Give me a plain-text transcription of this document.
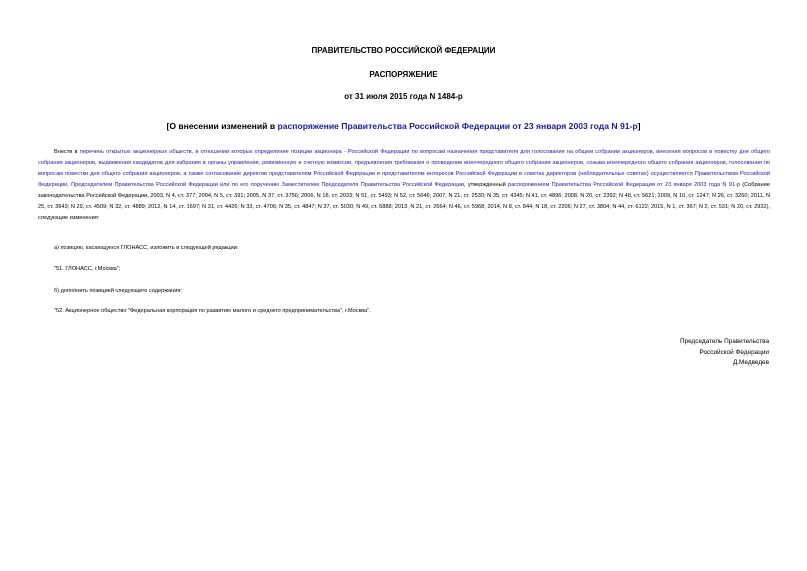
ПРАВИТЕЛЬСТВО РОССИЙСКОЙ ФЕДЕРАЦИИ
РАСПОРЯЖЕНИЕ
от 31 июля 2015 года N 1484-р
[О внесении изменений в распоряжение Правительства Российской Федерации от 23 января 2003 года N 91-р]
Внести в перечень открытых акционерных обществ, в отношении которых определение позиции акционера - Российской Федерации по вопросам назначения представителя для голосования на общем собрании акционеров, внесения вопросов в повестку дня общего собрания акционеров, выдвижения кандидатов для избрания в органы управления, ревизионную и счетную комиссии, предъявления требования о проведении внеочередного общего собрания акционеров, созыва внеочередного общего собрания акционеров, голосования по вопросам повестки дня общего собрания акционеров, а также согласование директив представителям Российской Федерации и представителям интересов Российской Федерации в советах директоров (наблюдательных советах) осуществляется Правительством Российской Федерации, Председателем Правительства Российской Федерации или по его поручению Заместителем Председателя Правительства Российской Федерации, утвержденный распоряжением Правительства Российской Федерации от 23 января 2003 года N 91-р (Собрание законодательства Российской Федерации, 2003, N 4, ст. 377; 2004, N 5, ст. 391; 2005, N 37, ст. 3756; 2006, N 18, ст. 2033; N 51, ст. 5493; N 52, ст. 5646; 2007, N 21, ст. 2530; N 35, ст. 4345; N 41, ст. 4896; 2008, N 20, ст. 2392; N 48, ст. 5621; 2009, N 10, ст. 1247; N 26, ст. 3260; 2011, N 25, ст. 3643; N 29, ст. 4509; N 32, ст. 4889; 2012, N 14, ст. 1697; N 31, ст. 4426; N 33, ст. 4706; N 35, ст. 4847; N 37, ст. 5030; N 49, ст. 6888; 2013, N 21, ст. 2664; N 46, ст. 5968; 2014, N 8, ст. 844; N 18, ст. 2206; N 27, ст. 3804; N 44, ст. 6122; 2015, N 1, ст. 367; N 2, ст. 531; N 20, ст. 2932), следующие изменения:
а) позицию, касающуюся ГЛОНАСС, изложить в следующей редакции:
"51. ГЛОНАСС, г.Москва";
б) дополнить позицией следующего содержания:
"52. Акционерное общество "Федеральная корпорация по развитию малого и среднего предпринимательства", г.Москва".
Председатель Правительства
Российской Федерации
Д.Медведев
